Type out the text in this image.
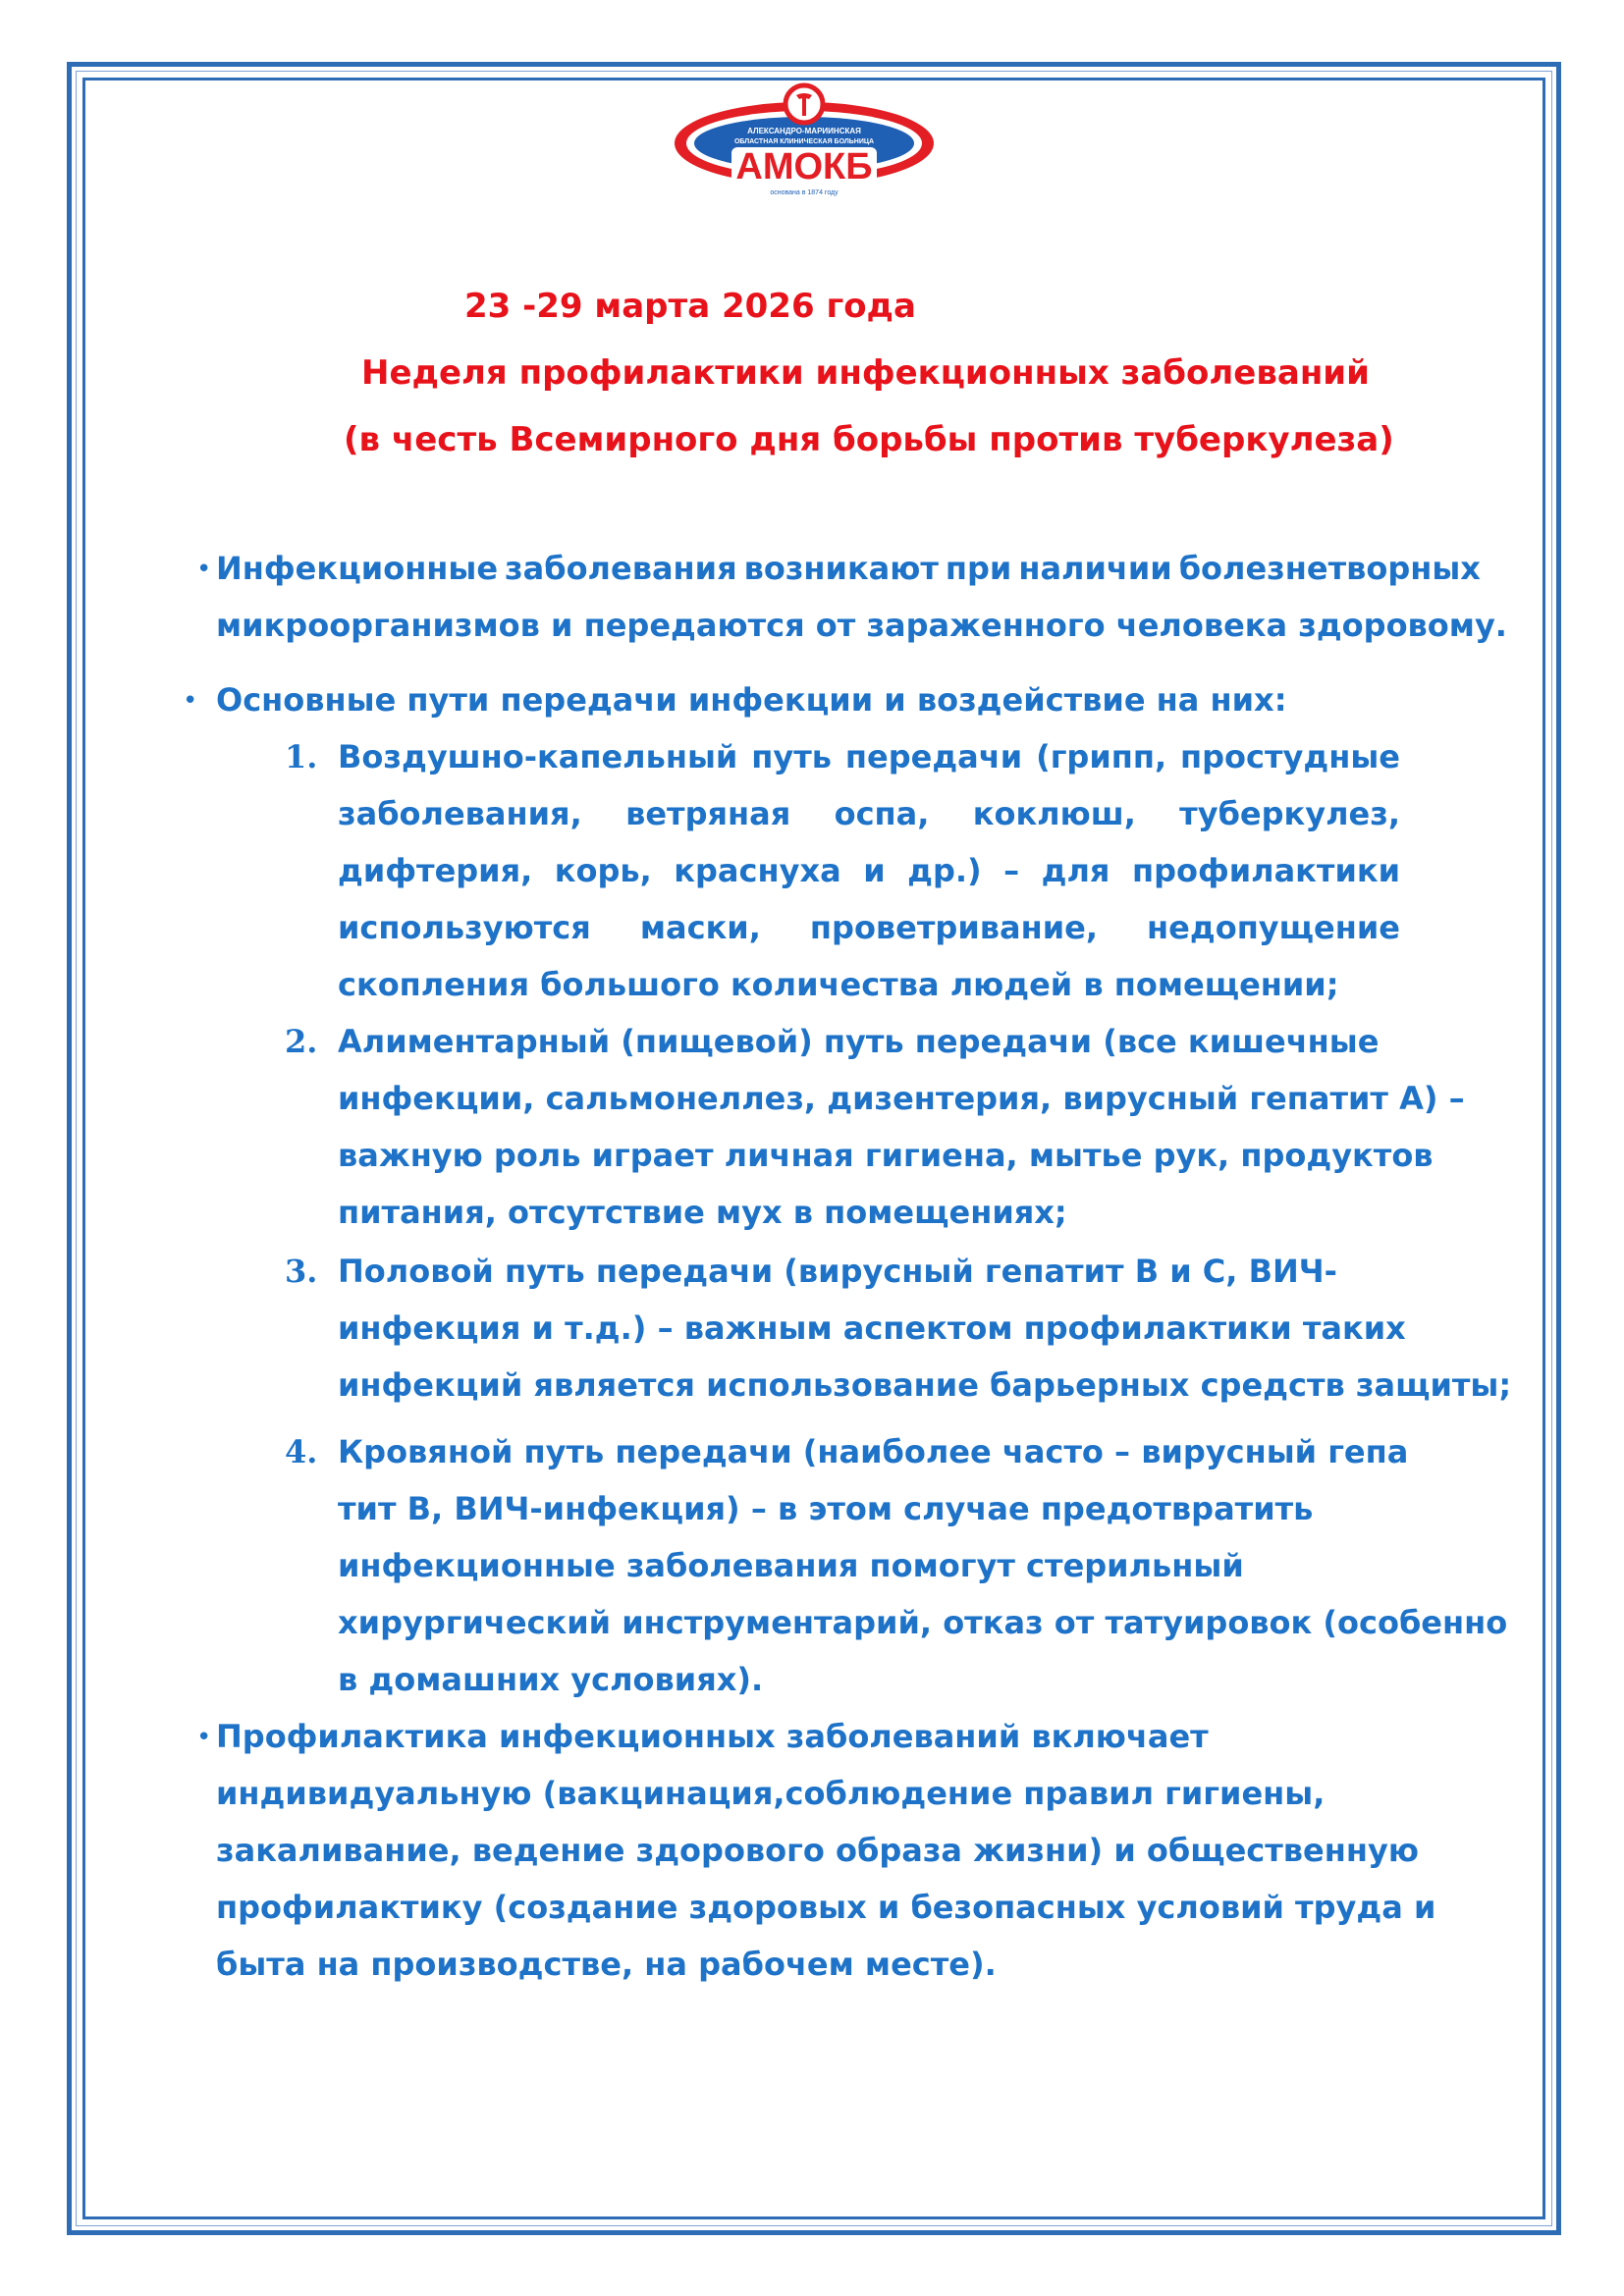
АЛЕКСАНДРО-МАРИИНСКАЯ
ОБЛАСТНАЯ КЛИНИЧЕСКАЯ БОЛЬНИЦА
АМОКБ
основана в 1874 году
23 -29 марта 2026 года
Неделя профилактики инфекционных заболеваний
(в честь Всемирного дня борьбы против туберкулеза)
• Инфекционные заболевания возникают при наличии болезнетворных
микроорганизмов и передаются от зараженного человека здоровому.
• Основные пути передачи инфекции и воздействие на них:
1. Воздушно-капельный путь передачи (грипп, простудные
заболевания, ветряная оспа, коклюш, туберкулез,
дифтерия, корь, краснуха и др.) – для профилактики
используются маски, проветривание, недопущение
скопления большого количества людей в помещении;
2. Алиментарный (пищевой) путь передачи (все кишечные
инфекции, сальмонеллез, дизентерия, вирусный гепатит А) –
важную роль играет личная гигиена, мытье рук, продуктов
питания, отсутствие мух в помещениях;
3. Половой путь передачи (вирусный гепатит В и С, ВИЧ-
инфекция и т.д.) – важным аспектом профилактики таких
инфекций является использование барьерных средств защиты;
4. Кровяной путь передачи (наиболее часто – вирусный гепа
тит В, ВИЧ-инфекция) – в этом случае предотвратить
инфекционные заболевания помогут стерильный
хирургический инструментарий, отказ от татуировок (особенно
в домашних условиях).
• Профилактика инфекционных заболеваний включает
индивидуальную (вакцинация,соблюдение правил гигиены,
закаливание, ведение здорового образа жизни) и общественную
профилактику (создание здоровых и безопасных условий труда и
быта на производстве, на рабочем месте).
